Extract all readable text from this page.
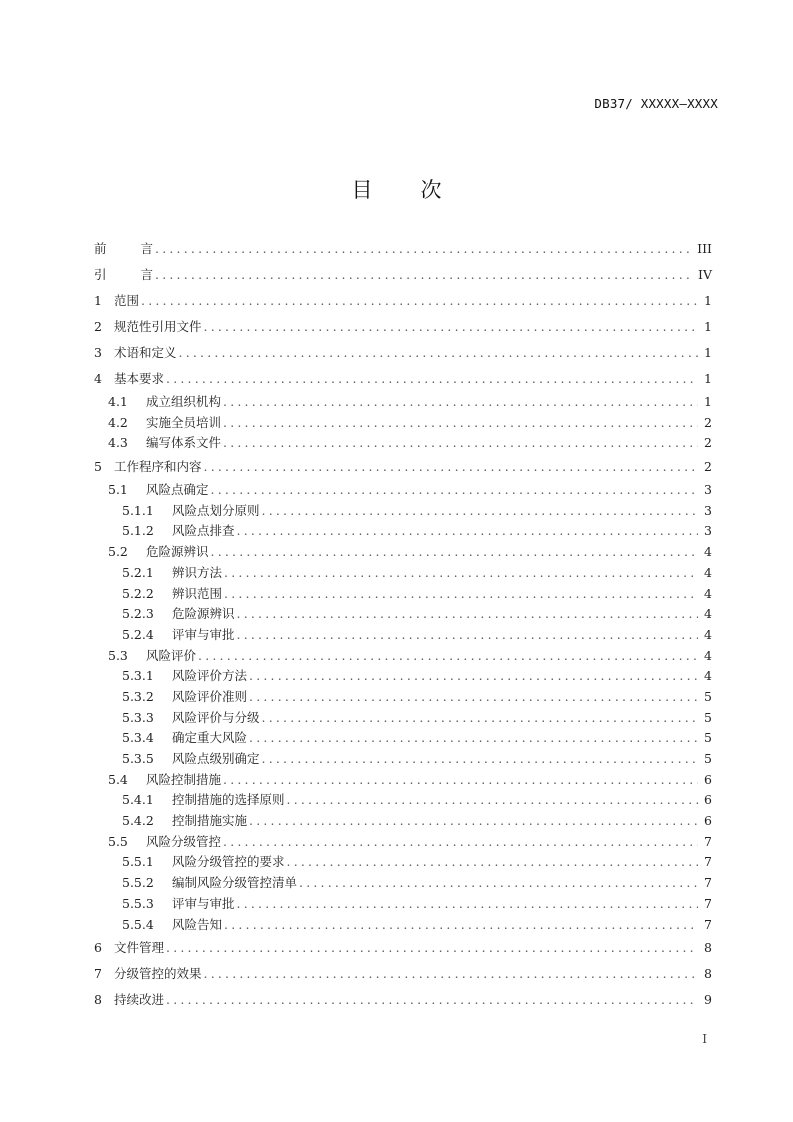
DB37/ XXXXX—XXXX
目 次
前	言 .....	III
引	言 .....	IV
1 范围 .....	1
2 规范性引用文件 .....	1
3 术语和定义 .....	1
4 基本要求 .....	1
4.1	成立组织机构 .....	1
4.2	实施全员培训 .....	2
4.3	编写体系文件 .....	2
5 工作程序和内容 .....	2
5.1	风险点确定 .....	3
5.1.1	风险点划分原则 .....	3
5.1.2	风险点排查 .....	3
5.2	危险源辨识 .....	4
5.2.1	辨识方法 .....	4
5.2.2	辨识范围 .....	4
5.2.3	危险源辨识 .....	4
5.2.4	评审与审批 .....	4
5.3	风险评价 .....	4
5.3.1	风险评价方法 .....	4
5.3.2	风险评价准则 .....	5
5.3.3	风险评价与分级 .....	5
5.3.4	确定重大风险 .....	5
5.3.5	风险点级别确定 .....	5
5.4	风险控制措施 .....	6
5.4.1	控制措施的选择原则 .....	6
5.4.2	控制措施实施 .....	6
5.5	风险分级管控 .....	7
5.5.1	风险分级管控的要求 .....	7
5.5.2	编制风险分级管控清单 .....	7
5.5.3	评审与审批 .....	7
5.5.4	风险告知 .....	7
6 文件管理 .....	8
7 分级管控的效果 .....	8
8 持续改进 .....	9
I
